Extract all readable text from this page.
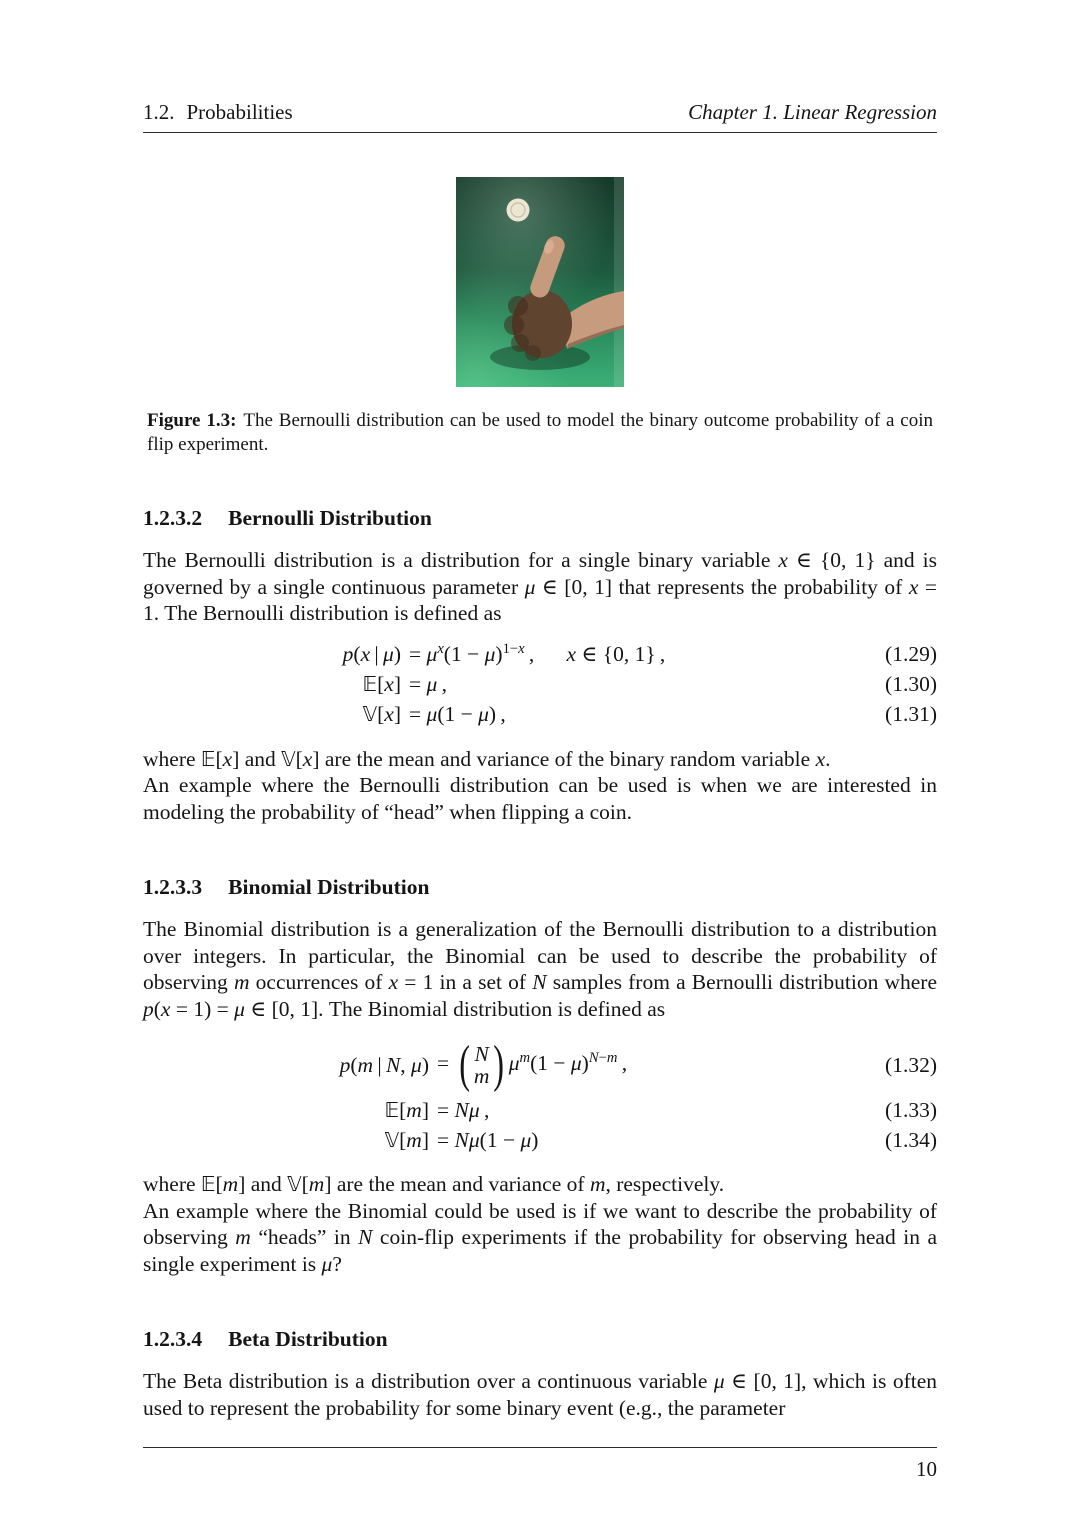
1.2. Probabilities	Chapter 1. Linear Regression
Figure 1.3: The Bernoulli distribution can be used to model the binary outcome probability of a coin flip experiment.
1.2.3.2 Bernoulli Distribution

The Bernoulli distribution is a distribution for a single binary variable x ∈ {0, 1} and is governed by a single continuous parameter μ ∈ [0, 1] that represents the probability of x = 1. The Bernoulli distribution is defined as

p(x | $\mu) = \mu^x(1 - \mu)^{1-x}$ ,  x ∈ {0, 1} ,	(1.29)
𝔼[x] = μ ,	(1.30)
𝕍[x] = μ(1 − μ) ,	(1.31)

where 𝔼[x] and 𝕍[x] are the mean and variance of the binary random variable x.
An example where the Bernoulli distribution can be used is when we are interested in modeling the probability of “head” when flipping a coin.

1.2.3.3 Binomial Distribution

The Binomial distribution is a generalization of the Bernoulli distribution to a distribution over integers. In particular, the Binomial can be used to describe the probability of observing m occurrences of x = 1 in a set of N samples from a Bernoulli distribution where p(x = 1) = μ ∈ [0, 1]. The Binomial distribution is defined as

p(m | N, μ) = ( N
m ) $\mu^m(1 - \mu)^{N-m}$ ,	(1.32)
𝔼[m] = Nμ ,	(1.33)
𝕍[m] = Nμ(1 − μ)	(1.34)

where 𝔼[m] and 𝕍[m] are the mean and variance of m, respectively.
An example where the Binomial could be used is if we want to describe the probability of observing m “heads” in N coin-flip experiments if the probability for observing head in a single experiment is μ?

1.2.3.4 Beta Distribution

The Beta distribution is a distribution over a continuous variable μ ∈ [0, 1], which is often used to represent the probability for some binary event (e.g., the parameter

10
